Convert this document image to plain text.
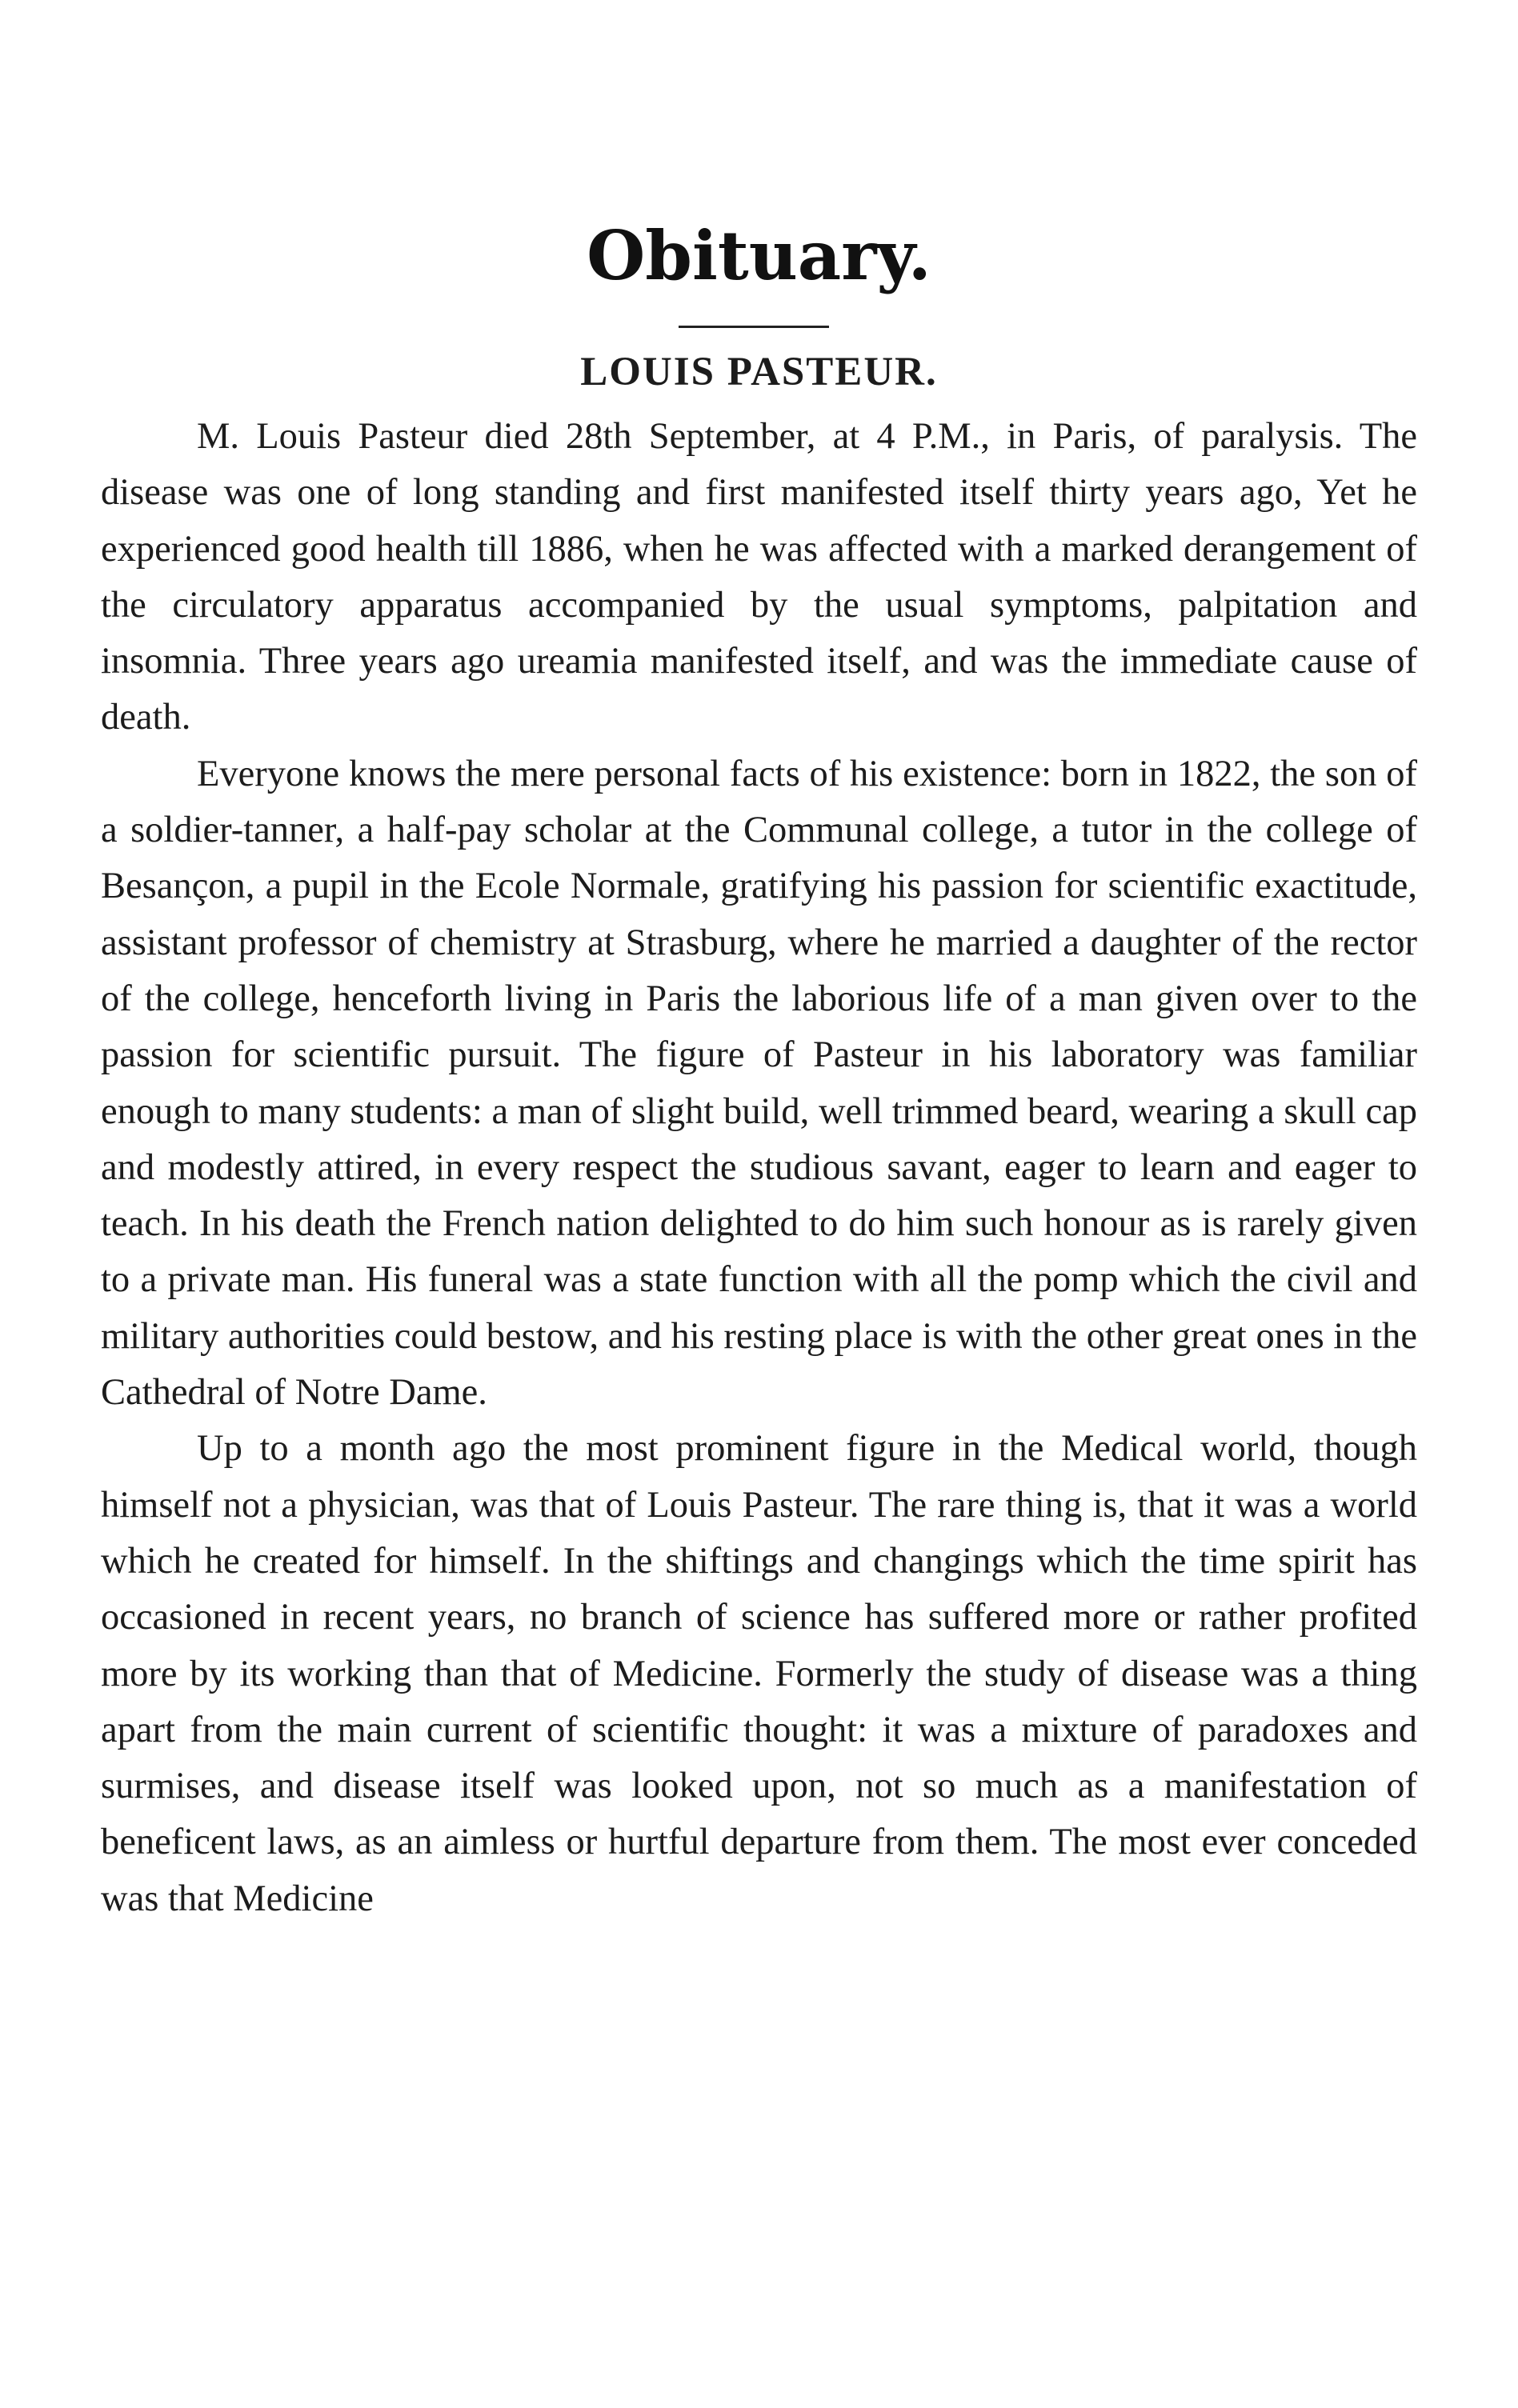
Obituary.
LOUIS PASTEUR.

M. Louis Pasteur died 28th September, at 4 P.M., in Paris, of paralysis. The disease was one of long standing and first manifested itself thirty years ago, Yet he experienced good health till 1886, when he was affected with a marked derangement of the circulatory apparatus accompanied by the usual symptoms, palpitation and insomnia. Three years ago ureamia manifested itself, and was the immediate cause of death.

Everyone knows the mere personal facts of his existence: born in 1822, the son of a soldier-tanner, a half-pay scholar at the Communal college, a tutor in the college of Besançon, a pupil in the Ecole Normale, gratifying his passion for scientific exactitude, assistant professor of chemistry at Strasburg, where he married a daughter of the rector of the college, henceforth living in Paris the laborious life of a man given over to the passion for scientific pursuit. The figure of Pasteur in his laboratory was familiar enough to many students: a man of slight build, well trimmed beard, wearing a skull cap and modestly attired, in every respect the studious savant, eager to learn and eager to teach. In his death the French nation delighted to do him such honour as is rarely given to a private man. His funeral was a state function with all the pomp which the civil and military authorities could bestow, and his resting place is with the other great ones in the Cathedral of Notre Dame.

Up to a month ago the most prominent figure in the Medical world, though himself not a physician, was that of Louis Pasteur. The rare thing is, that it was a world which he created for himself. In the shiftings and changings which the time spirit has occasioned in recent years, no branch of science has suffered more or rather profited more by its working than that of Medicine. Formerly the study of disease was a thing apart from the main current of scientific thought: it was a mixture of paradoxes and surmises, and disease itself was looked upon, not so much as a manifestation of beneficent laws, as an aimless or hurtful departure from them. The most ever conceded was that Medicine
